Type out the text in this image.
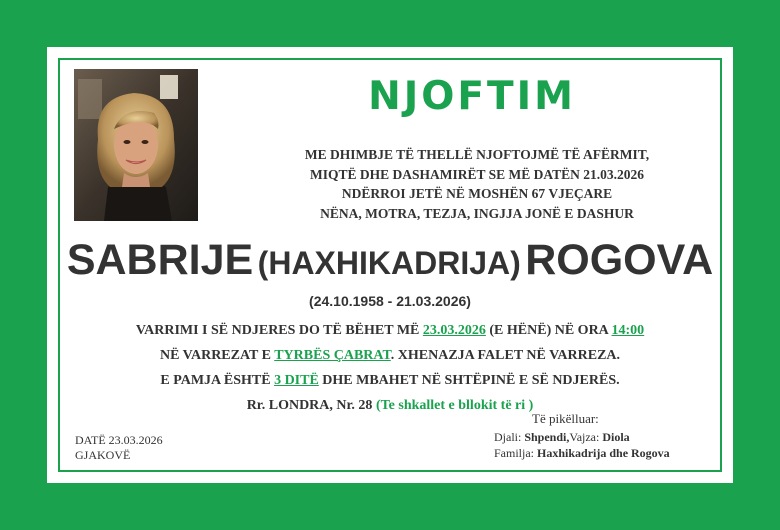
NJOFTIM
ME DHIMBJE TË THELLË NJOFTOJMË TË AFËRMIT,
MIQTË DHE DASHAMIRËT SE MË DATËN 21.03.2026
NDËRROI JETË NË MOSHËN 67 VJEÇARE
NËNA, MOTRA, TEZJA, INGJJA JONË E DASHUR
SABRIJE (HAXHIKADRIJA) ROGOVA
(24.10.1958 - 21.03.2026)
VARRIMI I SË NDJERES DO TË BËHET MË 23.03.2026 (E HËNË) NË ORA 14:00
NË VARREZAT E TYRBËS ÇABRAT. XHENAZJA FALET NË VARREZA.
E PAMJA ËSHTË 3 DITË DHE MBAHET NË SHTËPINË E SË NDJERËS.
Rr. LONDRA, Nr. 28 (Te shkallet e bllokit të ri )
DATË 23.03.2026
GJAKOVË
Të pikëlluar:
Djali: Shpendi,Vajza: Diola
Familja: Haxhikadrija dhe Rogova
